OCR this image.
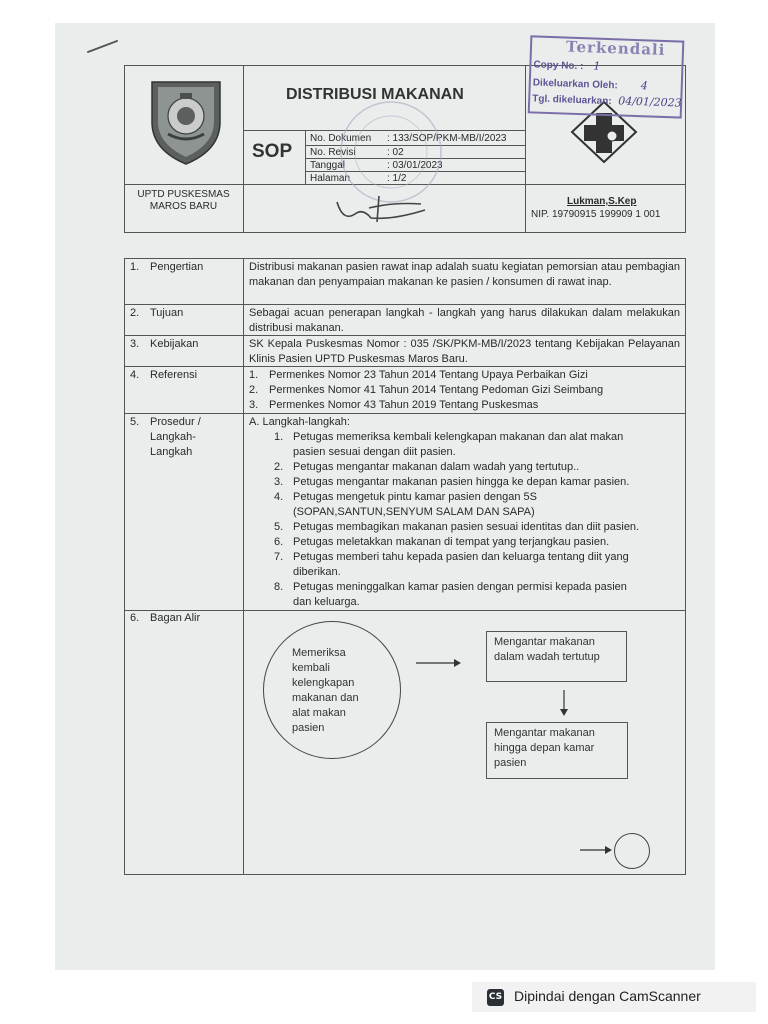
DISTRIBUSI MAKANAN
SOP
No. Dokumen : 133/SOP/PKM-MB/I/2023
No. Revisi	: 02
Tanggal	: 03/01/2023
Halaman	: 1/2
UPTD PUSKESMAS
MAROS BARU	Lukman,S.Kep
NIP. 19790915 199909 1 001
Terkendali
Copy No. : 1
Dikeluarkan Oleh: 4
Tgl. dikeluarkan: 04/01/2023
1. Pengertian	Distribusi makanan pasien rawat inap adalah suatu kegiatan pemorsian atau pembagian makanan dan penyampaian makanan ke pasien / konsumen di rawat inap.
2. Tujuan	Sebagai acuan penerapan langkah - langkah yang harus dilakukan dalam melakukan distribusi makanan.
3. Kebijakan	SK Kepala Puskesmas Nomor : 035 /SK/PKM-MB/I/2023 tentang Kebijakan Pelayanan Klinis Pasien UPTD Puskesmas Maros Baru.
4. Referensi	1. Permenkes Nomor 23 Tahun 2014 Tentang Upaya Perbaikan Gizi
2. Permenkes Nomor 41 Tahun 2014 Tentang Pedoman Gizi Seimbang
3. Permenkes Nomor 43 Tahun 2019 Tentang Puskesmas
5. Prosedur /
Langkah-
Langkah
A. Langkah-langkah:
1. Petugas memeriksa kembali kelengkapan makanan dan alat makan
pasien sesuai dengan diit pasien.
2. Petugas mengantar makanan dalam wadah yang tertutup..
3. Petugas mengantar makanan pasien hingga ke depan kamar pasien.
4. Petugas mengetuk pintu kamar pasien dengan 5S
(SOPAN,SANTUN,SENYUM SALAM DAN SAPA)
5. Petugas membagikan makanan pasien sesuai identitas dan diit pasien.
6. Petugas meletakkan makanan di tempat yang terjangkau pasien.
7. Petugas memberi tahu kepada pasien dan keluarga tentang diit yang
diberikan.
8. Petugas meninggalkan kamar pasien dengan permisi kepada pasien
dan keluarga.
6. Bagan Alir
Memeriksa
kembali
kelengkapan
makanan dan
alat makan
pasien
Mengantar makanan
dalam wadah tertutup
Mengantar makanan
hingga depan kamar
pasien
CS Dipindai dengan CamScanner
